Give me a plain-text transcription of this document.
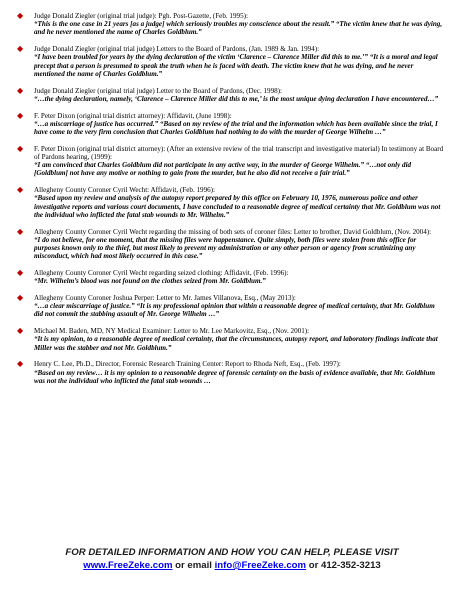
◆ Judge Donald Ziegler (original trial judge): Pgh. Post-Gazette, (Feb. 1995):
“This is the one case in 21 years [as a judge] which seriously troubles my conscience about the result.” “The victim knew that he was dying, and he never mentioned the name of Charles Goldblum.”
◆ Judge Donald Ziegler (original trial judge) Letters to the Board of Pardons, (Jan. 1989 & Jan. 1994):
“I have been troubled for years by the dying declaration of the victim ‘Clarence – Clarence Miller did this to me.’” “It is a moral and legal precept that a person is presumed to speak the truth when he is faced with death. The victim knew that he was dying, and he never mentioned the name of Charles Goldblum.”
◆ Judge Donald Ziegler (original trial judge) Letter to the Board of Pardons, (Dec. 1998):
“…the dying declaration, namely, ‘Clarence – Clarence Miller did this to me,’ is the most unique dying declaration I have encountered…”
◆ F. Peter Dixon (original trial district attorney): Affidavit, (June 1998):
“…a miscarriage of justice has occurred.” “Based on my review of the trial and the information which has been available since the trial, I have come to the very firm conclusion that Charles Goldblum had nothing to do with the murder of George Wilhelm …”
◆ F. Peter Dixon (original trial district attorney): (After an extensive review of the trial transcript and investigative material) In testimony at Board of Pardons hearing, (1999):
“I am convinced that Charles Goldblum did not participate in any active way, in the murder of George Wilhelm.” “…not only did [Goldblum] not have any motive or nothing to gain from the murder, but he also did not receive a fair trial.”
◆ Allegheny County Coroner Cyril Wecht: Affidavit, (Feb. 1996):
“Based upon my review and analysis of the autopsy report prepared by this office on February 10, 1976, numerous police and other investigative reports and various court documents, I have concluded to a reasonable degree of medical certainty that Mr. Goldblum was not the individual who inflicted the fatal stab wounds to Mr. Wilhelm.”
◆ Allegheny County Coroner Cyril Wecht regarding the missing of both sets of coroner files: Letter to brother, David Goldblum, (Nov. 2004):
“I do not believe, for one moment, that the missing files were happenstance. Quite simply, both files were stolen from this office for purposes known only to the thief, but most likely to prevent my administration or any other person or agency from scrutinizing any misconduct, which had most likely occurred in this case.”
◆ Allegheny County Coroner Cyril Wecht regarding seized clothing: Affidavit, (Feb. 1996):
“Mr. Wilhelm’s blood was not found on the clothes seized from Mr. Goldblum.”
◆ Allegheny County Coroner Joshua Perper: Letter to Mr. James Villanova, Esq., (May 2013):
“…a clear miscarriage of justice.” “It is my professional opinion that within a reasonable degree of medical certainty, that Mr. Goldblum did not commit the stabbing assault of Mr. George Wilhelm …”
◆ Michael M. Baden, MD, NY Medical Examiner: Letter to Mr. Lee Markovitz, Esq., (Nov. 2001):
“It is my opinion, to a reasonable degree of medical certainty, that the circumstances, autopsy report, and laboratory findings indicate that Miller was the stabber and not Mr. Goldblum.”
◆ Henry C. Lee, Ph.D., Director, Forensic Research Training Center: Report to Rhoda Neft, Esq., (Feb. 1997):
“Based on my review… it is my opinion to a reasonable degree of forensic certainty on the basis of evidence available, that Mr. Goldblum was not the individual who inflicted the fatal stab wounds …
FOR DETAILED INFORMATION AND HOW YOU CAN HELP, PLEASE VISIT
www.FreeZeke.com or email info@FreeZeke.com or 412-352-3213
